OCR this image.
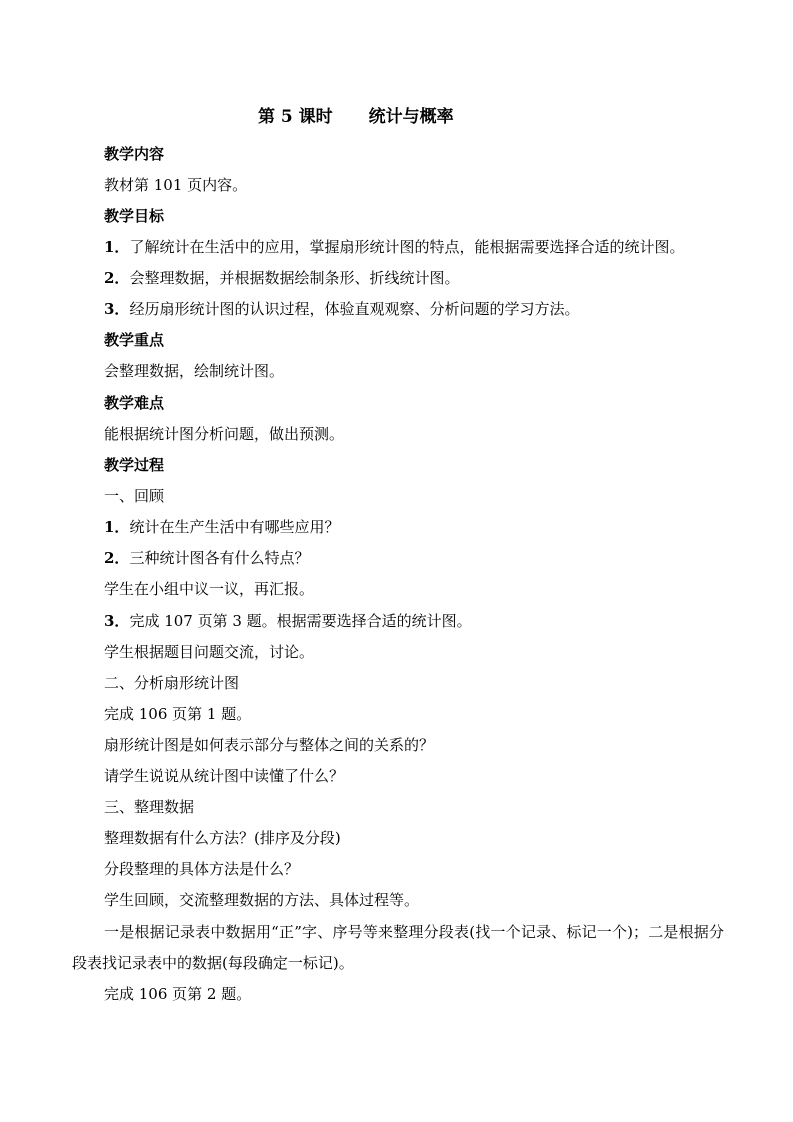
第 5 课时 统计与概率
教学内容
教材第 101 页内容。
教学目标
1．了解统计在生活中的应用，掌握扇形统计图的特点，能根据需要选择合适的统计图。
2．会整理数据，并根据数据绘制条形、折线统计图。
3．经历扇形统计图的认识过程，体验直观观察、分析问题的学习方法。
教学重点
会整理数据，绘制统计图。
教学难点
能根据统计图分析问题，做出预测。
教学过程
一、回顾
1．统计在生产生活中有哪些应用？
2．三种统计图各有什么特点？
学生在小组中议一议，再汇报。
3．完成 107 页第 3 题。根据需要选择合适的统计图。
学生根据题目问题交流，讨论。
二、分析扇形统计图
完成 106 页第 1 题。
扇形统计图是如何表示部分与整体之间的关系的？
请学生说说从统计图中读懂了什么？
三、整理数据
整理数据有什么方法？(排序及分段)
分段整理的具体方法是什么？
学生回顾，交流整理数据的方法、具体过程等。
一是根据记录表中数据用“正”字、序号等来整理分段表(找一个记录、标记一个)；二是根据分段表找记录表中的数据(每段确定一标记)。
完成 106 页第 2 题。
